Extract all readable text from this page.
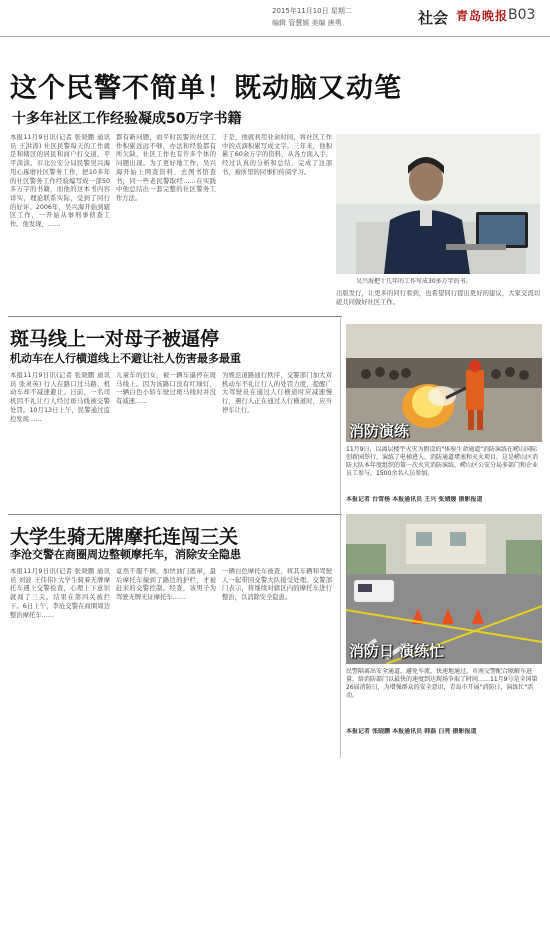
2015年11月10日 星期二
编辑 管慧媛 美编 唐勇	社会 青岛晚报 B03
这个民警不简单！既动脑又动笔
十多年社区工作经验凝成50万字书籍

本报11月9日讯(记者 张晓鹏 通讯员 王洪涛) 社区民警每天的工作就是和辖区的居民和商户打交道，平平淡淡。市北公安分局民警吴兴海用心琢磨社区警务工作，把10多年的社区警务工作经验编写成一部50多万字的书籍，而他的这本书内容详实，理论联系实际，受到了同行的好评。2006年，吴兴海开始到辖区工作，一开始从事刑事侦查工作。他发现，……

都有新问题，而平时民警的社区工作积累远远不够，办法和经验都有所欠缺，社区工作也有许多个体的问题出现。为了更好地工作，吴兴海开始上网查资料、去图书馆查书，同一些老民警取经……在实践中他总结出一套完整的社区警务工作方法。

于是，他就利用业余时间，将社区工作中的点滴积累写成文字。三年来，他积累了60余万字的资料，从各方面入手，经过认真的分析和总结，完成了这部书，被所里的同事们传阅学习。

吴兴海把十几年的工作写成30多万字的书。

出版发行，让更多的同行看到，也希望同行提出更好的建议，大家交流切磋共同做好社区工作。

斑马线上一对母子被逼停
机动车在人行横道线上不避让社人伤害最多最重

本报11月9日讯(记者 张晓鹏 通讯员 张灵英) 行人在路口过马路，机动车却不减速避让。日前，一名司机因不礼让行人经过斑马线被交警处罚。10月13日上午，民警通过监控发现……

儿童车的妇女，被一辆车逼停在斑马线上。因为该路口没有红绿灯，一辆白色小轿车驶过斑马线时并没有减速……

为规范道路通行秩序，交警部门加大对机动车不礼让行人的处罚力度，提醒广大驾驶员在通过人行横道时应减速慢行，遇行人正在通过人行横道时，应当停车让行。

大学生骑无牌摩托连闯三关
李沧交警在商圈周边整顿摩托车，消除安全隐患

本报11月9日讯(记者 张晓鹏 通讯员 刘波 王伟伟) 大学生骑着无牌摩托车遇上交警检查，心理上下意识就闯了三关。结果在第四关被拦下。6日上午，李沧交警在商圈周边整治摩托车……

竟然不服不顾，加快油门逃窜，最后摩托车撞到了路边的护栏，才被赶来的交警控制。经查，该男子为驾驶无牌无证摩托车……

一辆白色摩托车被查，将其车辆和驾驶人一起带回交警大队接受处理。交警部门表示，将继续对辖区内的摩托车进行整治，以消除安全隐患。

消防演练
11月9日，以离层楼宇火灾为假设的"体验生命通道"消防演练在崂山国际创新园举行，演练了电梯逃人、消防通道堵塞和灭火项目。这是崂山区消防大队本年度组织的第一次火灾消防演练，崂山区公安分局多部门和企业员工参与，1500余名人员参加。
本报记者 台雪杨 本报通讯员 王兴 张婧媛 摄影报道
消防日 演练忙
民警隔离出安全通道，避免车流，快速地通过，市南交警配合联解车进量，给消防部门以最快的速度到达现场争取了时间……11月9号是全国第26届消防日，为增强群众的安全意识，青岛市开展"消防日，演练忙"活动。
本报记者 张晓鹏 本报通讯员 韩磊 白亮 摄影报道
